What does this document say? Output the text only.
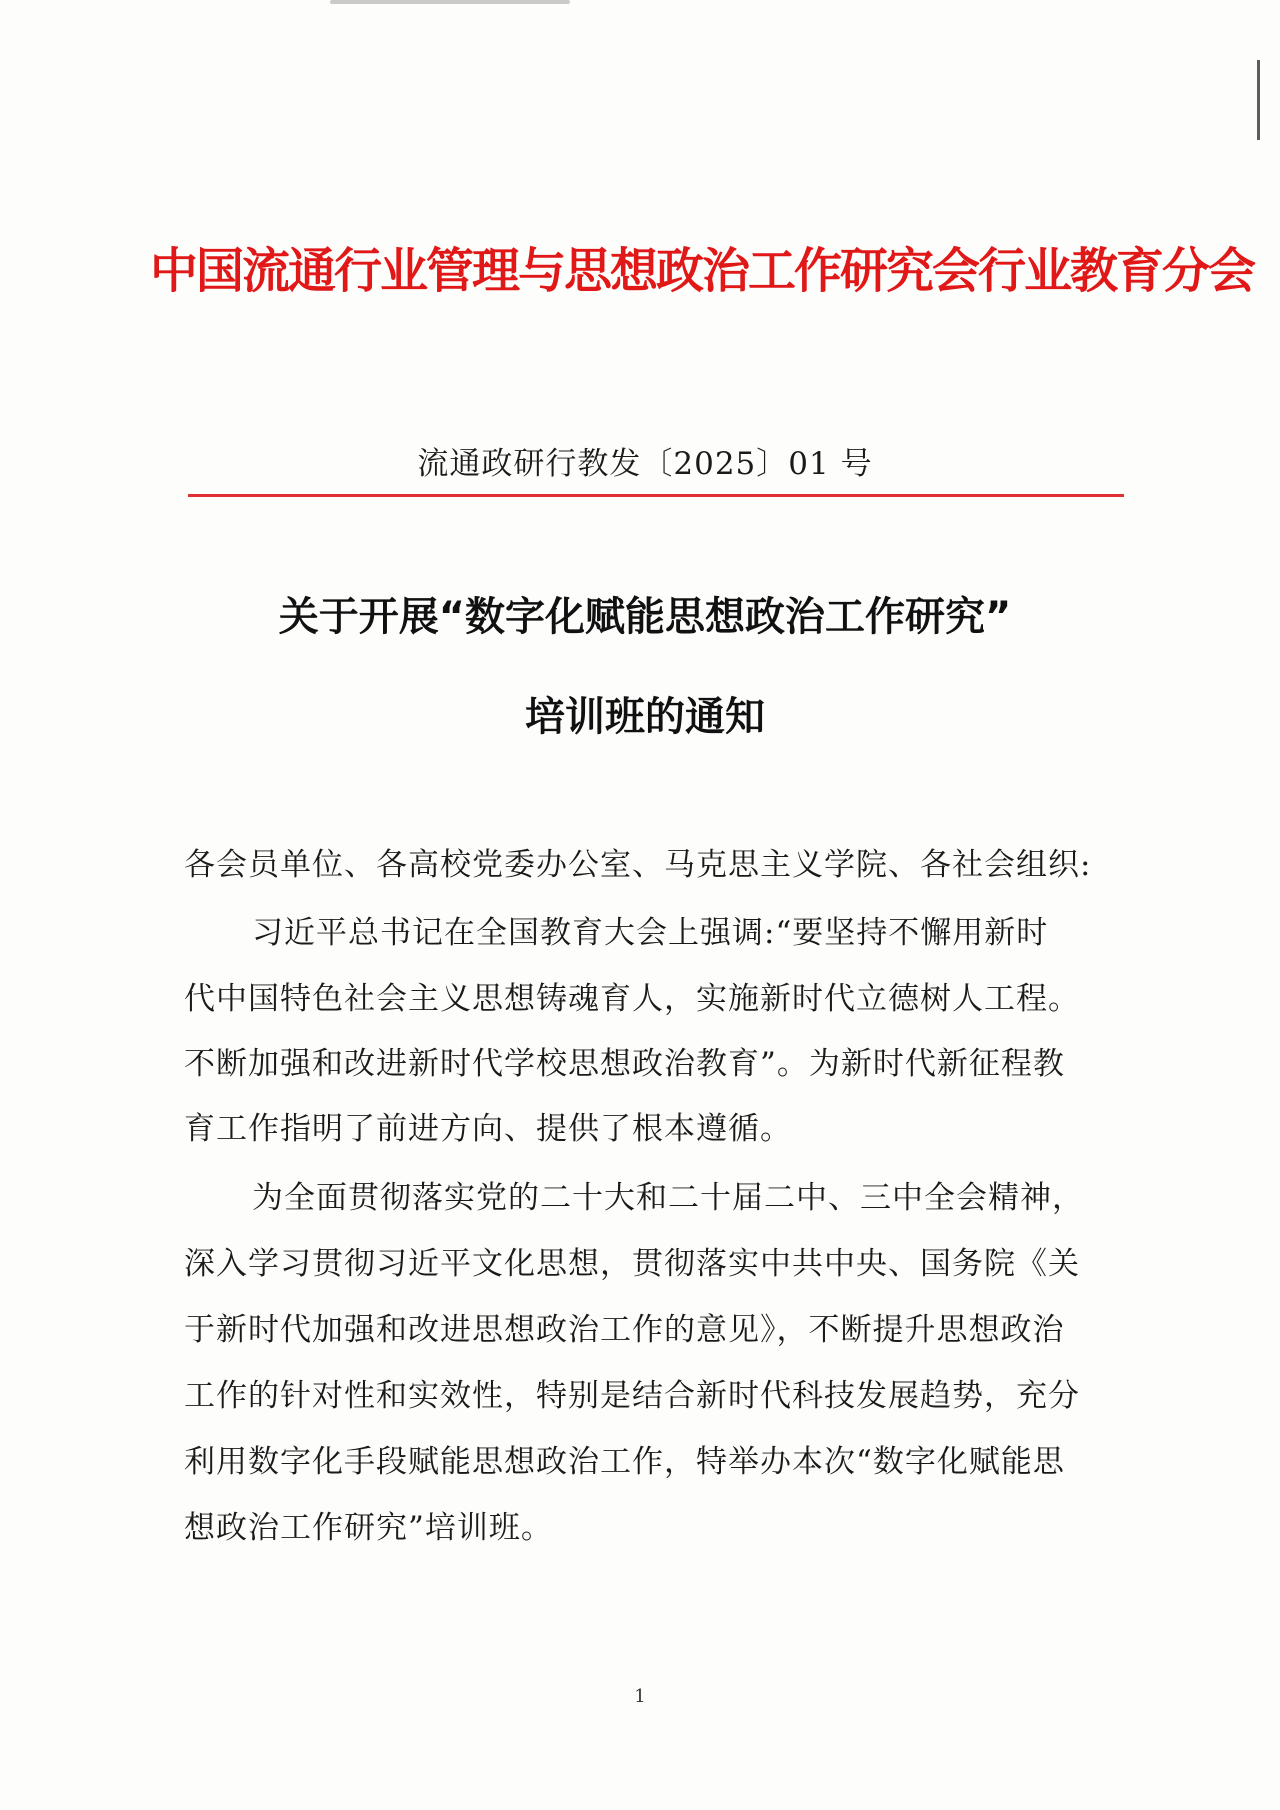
中国流通行业管理与思想政治工作研究会行业教育分会
流通政研行教发〔2025〕01 号
关于开展“数字化赋能思想政治工作研究”
培训班的通知
各会员单位、各高校党委办公室、马克思主义学院、各社会组织:
习近平总书记在全国教育大会上强调:“要坚持不懈用新时
代中国特色社会主义思想铸魂育人，实施新时代立德树人工程。
不断加强和改进新时代学校思想政治教育”。为新时代新征程教
育工作指明了前进方向、提供了根本遵循。
为全面贯彻落实党的二十大和二十届二中、三中全会精神，
深入学习贯彻习近平文化思想，贯彻落实中共中央、国务院《关
于新时代加强和改进思想政治工作的意见》，不断提升思想政治
工作的针对性和实效性，特别是结合新时代科技发展趋势，充分
利用数字化手段赋能思想政治工作，特举办本次“数字化赋能思
想政治工作研究”培训班。
1
